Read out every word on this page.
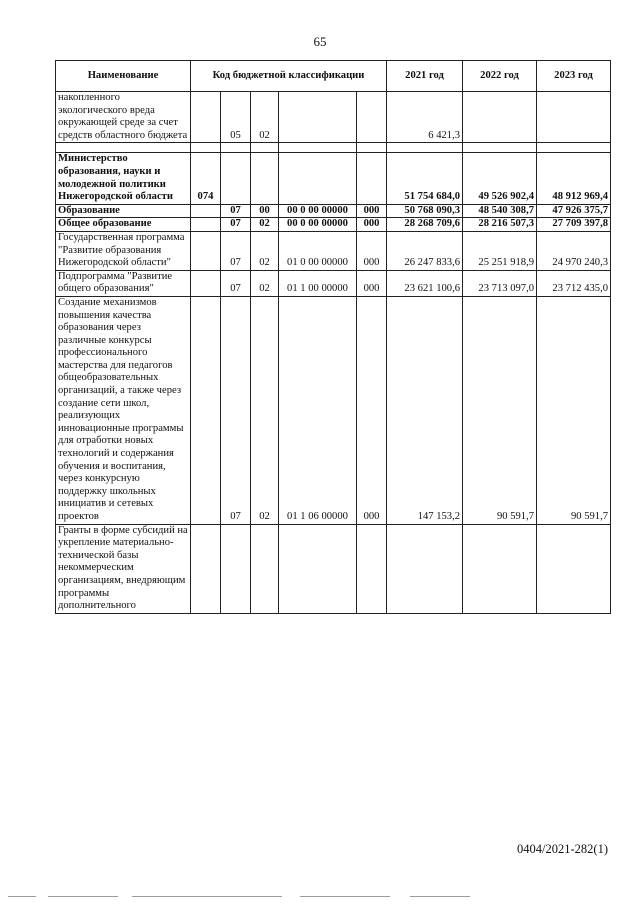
65
Наименование	Код бюджетной классификации					2021 год	2022 год	2023 год
накопленного экологического вреда окружающей среде за счет средств областного бюджета		05	02			6 421,3		

Министерство образования, науки и молодежной политики Нижегородской области	074					51 754 684,0	49 526 902,4	48 912 969,4
Образование		07	00	00 0 00 00000	000	50 768 090,3	48 540 308,7	47 926 375,7
Общее образование		07	02	00 0 00 00000	000	28 268 709,6	28 216 507,3	27 709 397,8
Государственная программа "Развитие образования Нижегородской области"		07	02	01 0 00 00000	000	26 247 833,6	25 251 918,9	24 970 240,3
Подпрограмма "Развитие общего образования"		07	02	01 1 00 00000	000	23 621 100,6	23 713 097,0	23 712 435,0
Создание механизмов повышения качества образования через различные конкурсы профессионального мастерства для педагогов общеобразовательных организаций, а также через создание сети школ, реализующих инновационные программы для отработки новых технологий и содержания обучения и воспитания, через конкурсную поддержку школьных инициатив и сетевых проектов		07	02	01 1 06 00000	000	147 153,2	90 591,7	90 591,7
Гранты в форме субсидий на укрепление материально-технической базы некоммерческим организациям, внедряющим программы дополнительного								
0404/2021-282(1)
